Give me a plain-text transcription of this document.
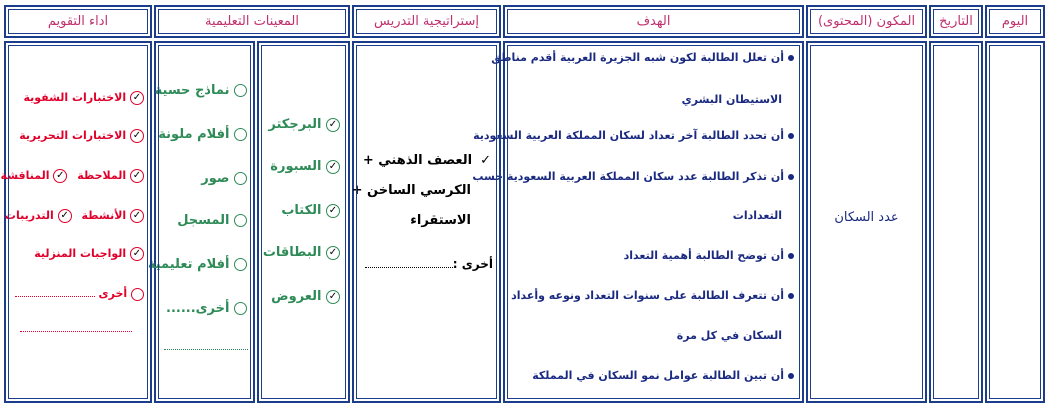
اليوم
التاريخ
المكون (المحتوى)
الهدف
إستراتيجية التدريس
المعينات التعليمية
اداء التقويم
عدد السكان
أن تعلل الطالبة لكون شبه الجزيرة العربية أقدم مناطق
الاستيطان البشري
أن تحدد الطالبة آخر تعداد لسكان المملكة العربية السعودية
أن تذكر الطالبة عدد سكان المملكة العربية السعودية حسب
التعدادات
أن توضح الطالبة أهمية التعداد
أن تتعرف الطالبة على سنوات التعداد ونوعه وأعداد
السكان في كل مرة
أن تبين الطالبة عوامل نمو السكان في المملكة
✓العصف الذهني +
الكرسي الساخن +
الاستقراء
أخرى :
✓ البرجكتر
✓ السبورة
✓ الكتاب
✓ البطاقات
✓ العروض
نماذج حسية
أفلام ملونة
صور
المسجل
أفلام تعليمية
أخرى......
✓ الاختبارات الشفوية
✓ الاختبارات التحريرية
✓ الملاحظة ✓ المناقشة
✓ الأنشطة ✓ التدريبات
✓ الواجبات المنزلية
أخرى
